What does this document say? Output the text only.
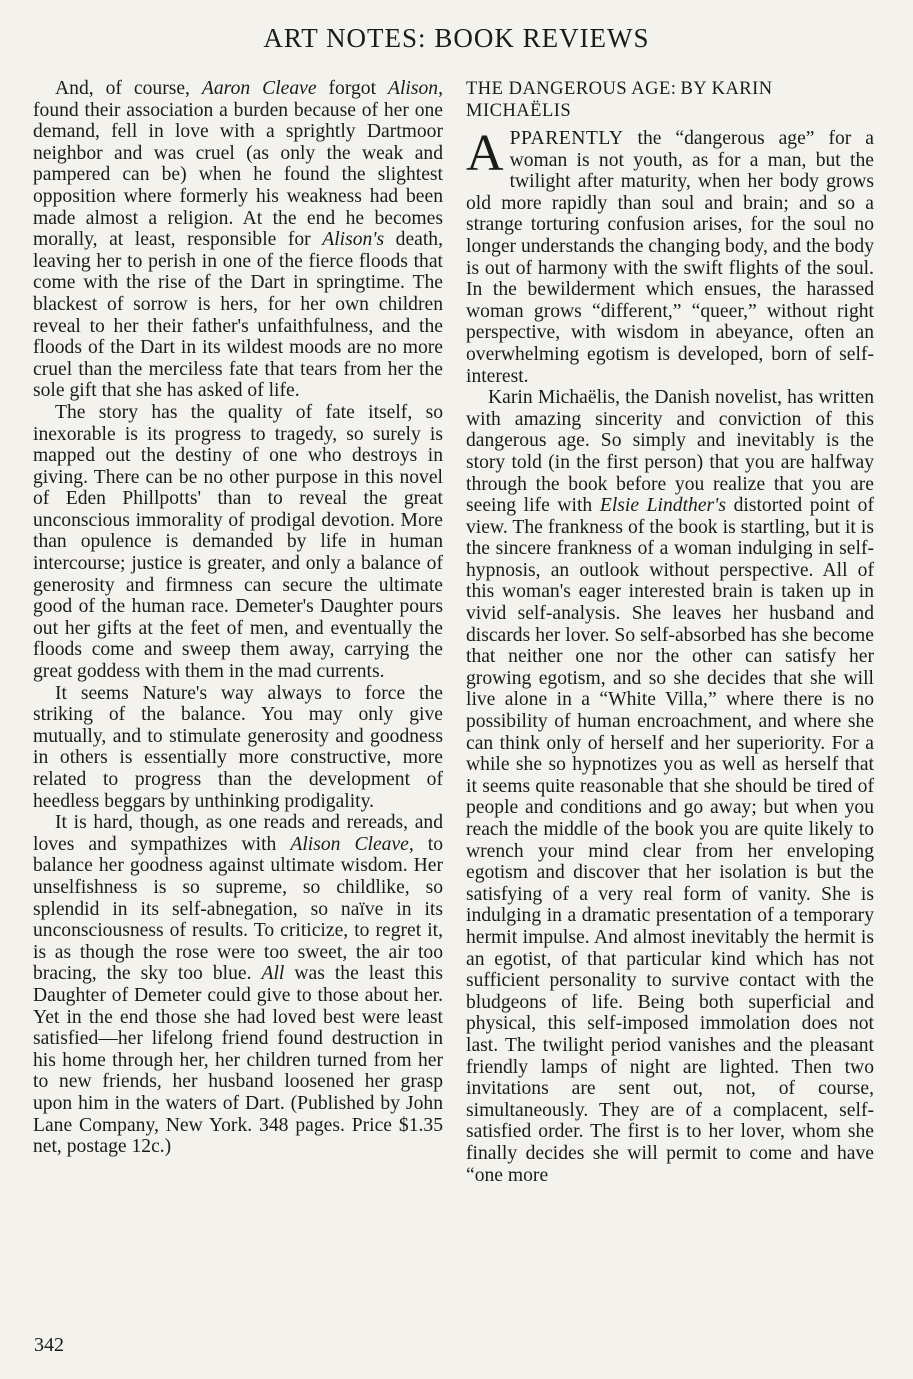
ART NOTES: BOOK REVIEWS

And, of course, Aaron Cleave forgot Alison, found their association a burden because of her one demand, fell in love with a sprightly Dartmoor neighbor and was cruel (as only the weak and pampered can be) when he found the slightest opposition where formerly his weakness had been made almost a religion. At the end he becomes morally, at least, responsible for Alison's death, leaving her to perish in one of the fierce floods that come with the rise of the Dart in springtime. The blackest of sorrow is hers, for her own children reveal to her their father's unfaithfulness, and the floods of the Dart in its wildest moods are no more cruel than the merciless fate that tears from her the sole gift that she has asked of life.

The story has the quality of fate itself, so inexorable is its progress to tragedy, so surely is mapped out the destiny of one who destroys in giving. There can be no other purpose in this novel of Eden Phillpotts' than to reveal the great unconscious immorality of prodigal devotion. More than opulence is demanded by life in human intercourse; justice is greater, and only a balance of generosity and firmness can secure the ultimate good of the human race. Demeter's Daughter pours out her gifts at the feet of men, and eventually the floods come and sweep them away, carrying the great goddess with them in the mad currents.

It seems Nature's way always to force the striking of the balance. You may only give mutually, and to stimulate generosity and goodness in others is essentially more constructive, more related to progress than the development of heedless beggars by unthinking prodigality.

It is hard, though, as one reads and rereads, and loves and sympathizes with Alison Cleave, to balance her goodness against ultimate wisdom. Her unselfishness is so supreme, so childlike, so splendid in its self-abnegation, so naïve in its unconsciousness of results. To criticize, to regret it, is as though the rose were too sweet, the air too bracing, the sky too blue. All was the least this Daughter of Demeter could give to those about her. Yet in the end those she had loved best were least satisfied—her lifelong friend found destruction in his home through her, her children turned from her to new friends, her husband loosened her grasp upon him in the waters of Dart. (Published by John Lane Company, New York. 348 pages. Price $1.35 net, postage 12c.)

THE DANGEROUS AGE: BY KARIN MICHAËLIS

APPARENTLY the “dangerous age” for a woman is not youth, as for a man, but the twilight after maturity, when her body grows old more rapidly than soul and brain; and so a strange torturing confusion arises, for the soul no longer understands the changing body, and the body is out of harmony with the swift flights of the soul. In the bewilderment which ensues, the harassed woman grows “different,” “queer,” without right perspective, with wisdom in abeyance, often an overwhelming egotism is developed, born of self-interest.

Karin Michaëlis, the Danish novelist, has written with amazing sincerity and conviction of this dangerous age. So simply and inevitably is the story told (in the first person) that you are halfway through the book before you realize that you are seeing life with Elsie Lindther's distorted point of view. The frankness of the book is startling, but it is the sincere frankness of a woman indulging in self-hypnosis, an outlook without perspective. All of this woman's eager interested brain is taken up in vivid self-analysis. She leaves her husband and discards her lover. So self-absorbed has she become that neither one nor the other can satisfy her growing egotism, and so she decides that she will live alone in a “White Villa,” where there is no possibility of human encroachment, and where she can think only of herself and her superiority. For a while she so hypnotizes you as well as herself that it seems quite reasonable that she should be tired of people and conditions and go away; but when you reach the middle of the book you are quite likely to wrench your mind clear from her enveloping egotism and discover that her isolation is but the satisfying of a very real form of vanity. She is indulging in a dramatic presentation of a temporary hermit impulse. And almost inevitably the hermit is an egotist, of that particular kind which has not sufficient personality to survive contact with the bludgeons of life. Being both superficial and physical, this self-imposed immolation does not last. The twilight period vanishes and the pleasant friendly lamps of night are lighted. Then two invitations are sent out, not, of course, simultaneously. They are of a complacent, self-satisfied order. The first is to her lover, whom she finally decides she will permit to come and have “one more

342
